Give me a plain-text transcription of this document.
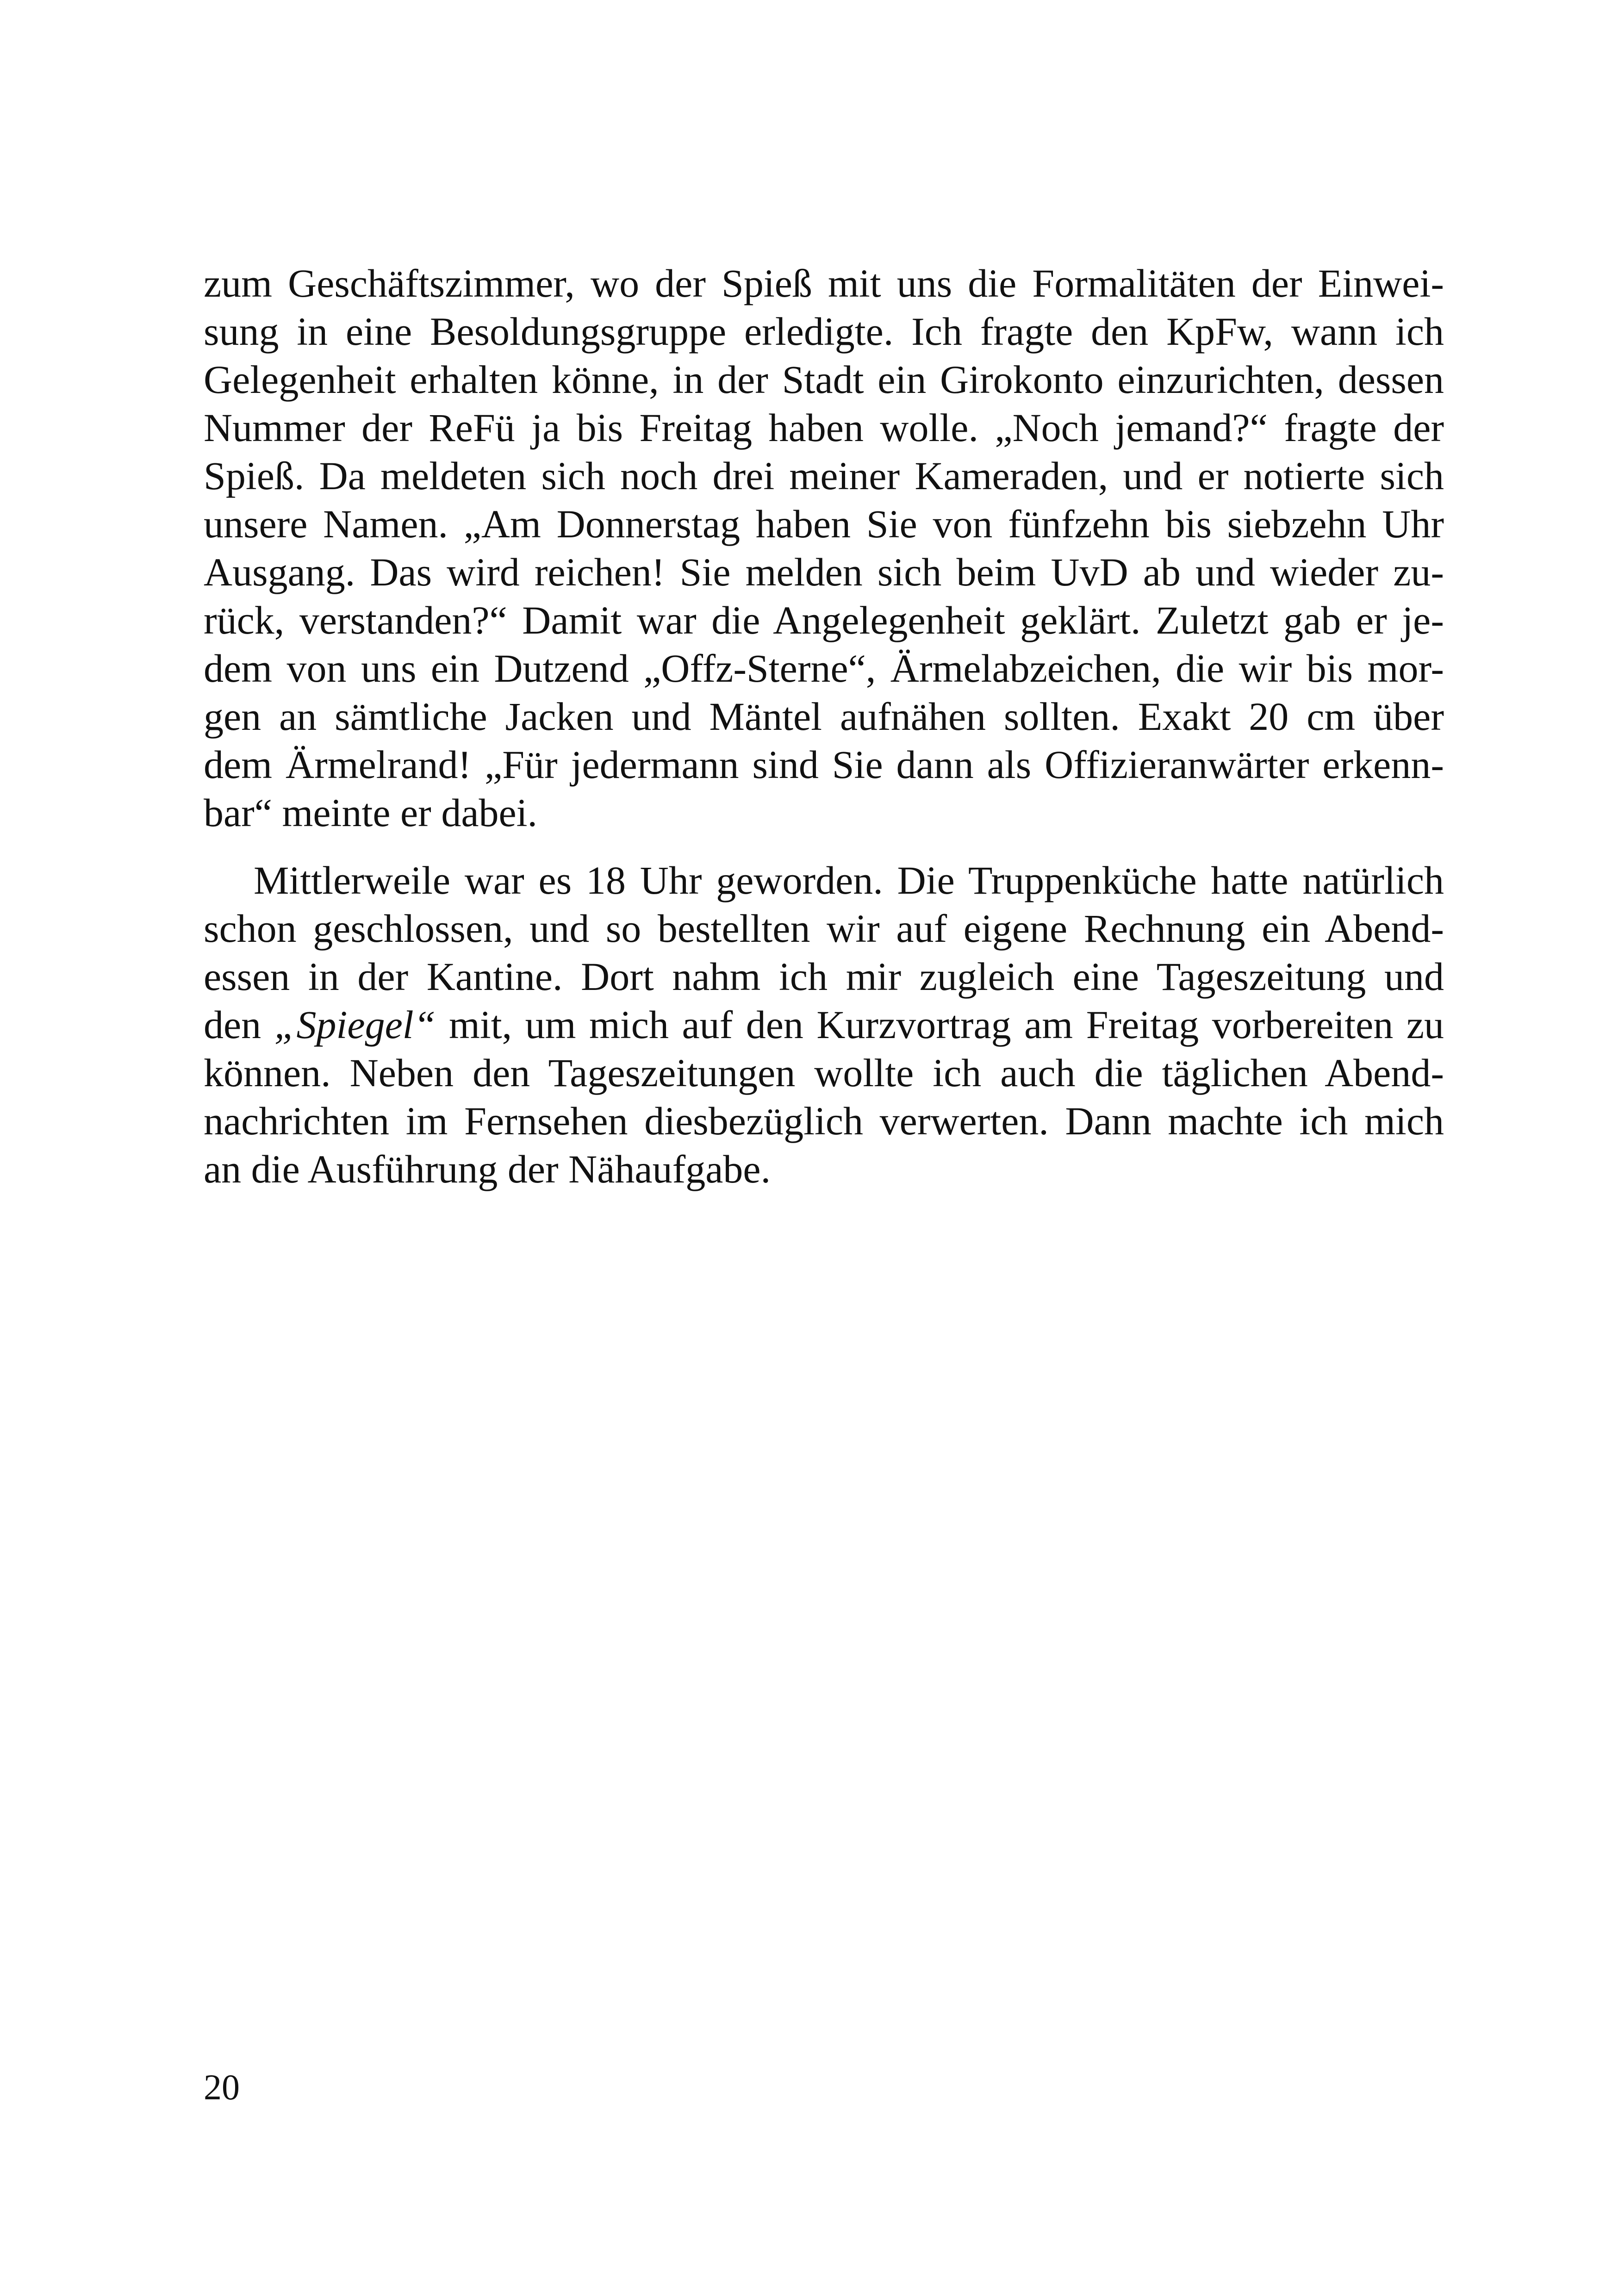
zum Geschäftszimmer, wo der Spieß mit uns die Formalitäten der Einwei-
sung in eine Besoldungsgruppe erledigte. Ich fragte den KpFw, wann ich
Gelegenheit erhalten könne, in der Stadt ein Girokonto einzurichten, dessen
Nummer der ReFü ja bis Freitag haben wolle. „Noch jemand?“ fragte der
Spieß. Da meldeten sich noch drei meiner Kameraden, und er notierte sich
unsere Namen. „Am Donnerstag haben Sie von fünfzehn bis siebzehn Uhr
Ausgang. Das wird reichen! Sie melden sich beim UvD ab und wieder zu-
rück, verstanden?“ Damit war die Angelegenheit geklärt. Zuletzt gab er je-
dem von uns ein Dutzend „Offz-Sterne“, Ärmelabzeichen, die wir bis mor-
gen an sämtliche Jacken und Mäntel aufnähen sollten. Exakt 20 cm über
dem Ärmelrand! „Für jedermann sind Sie dann als Offizieranwärter erkenn-
bar“ meinte er dabei.

Mittlerweile war es 18 Uhr geworden. Die Truppenküche hatte natürlich
schon geschlossen, und so bestellten wir auf eigene Rechnung ein Abend-
essen in der Kantine. Dort nahm ich mir zugleich eine Tageszeitung und
den „Spiegel“ mit, um mich auf den Kurzvortrag am Freitag vorbereiten zu
können. Neben den Tageszeitungen wollte ich auch die täglichen Abend-
nachrichten im Fernsehen diesbezüglich verwerten. Dann machte ich mich
an die Ausführung der Nähaufgabe.

20
